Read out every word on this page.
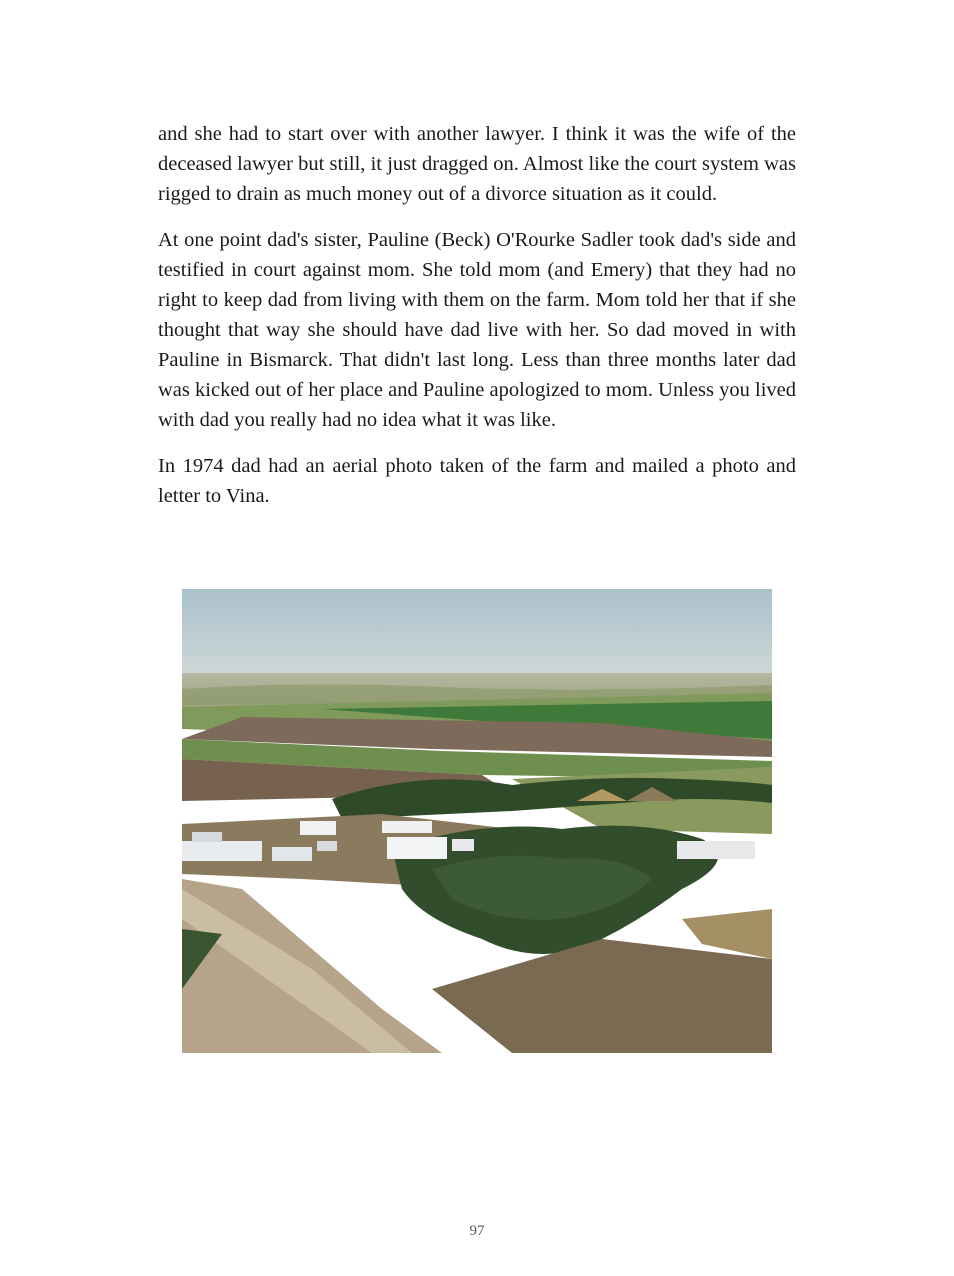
and she had to start over with another lawyer. I think it was the wife of the deceased lawyer but still, it just dragged on. Almost like the court system was rigged to drain as much money out of a divorce situation as it could.

At one point dad's sister, Pauline (Beck) O'Rourke Sadler took dad's side and testified in court against mom. She told mom (and Emery) that they had no right to keep dad from living with them on the farm. Mom told her that if she thought that way she should have dad live with her. So dad moved in with Pauline in Bismarck. That didn't last long. Less than three months later dad was kicked out of her place and Pauline apologized to mom. Unless you lived with dad you really had no idea what it was like.

In 1974 dad had an aerial photo taken of the farm and mailed a photo and letter to Vina.

97
